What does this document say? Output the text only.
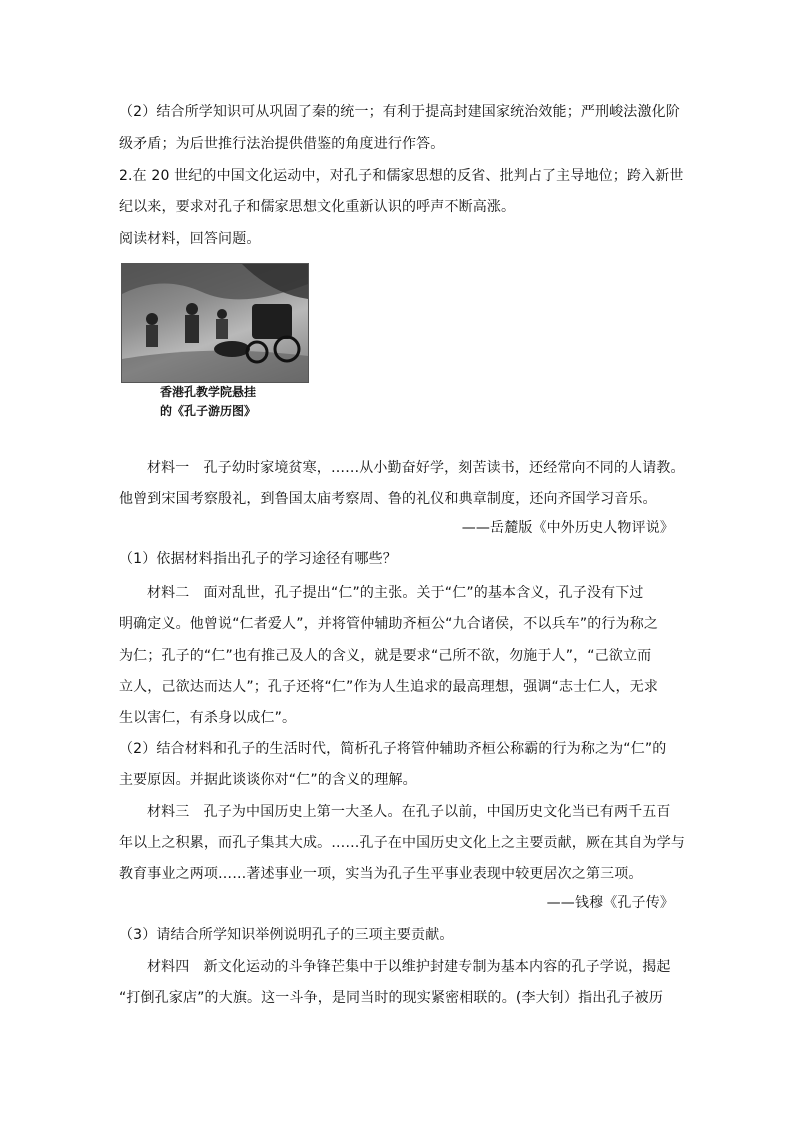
（2）结合所学知识可从巩固了秦的统一；有利于提高封建国家统治效能；严刑峻法激化阶
级矛盾；为后世推行法治提供借鉴的角度进行作答。
2.在 20 世纪的中国文化运动中，对孔子和儒家思想的反省、批判占了主导地位；跨入新世
纪以来，要求对孔子和儒家思想文化重新认识的呼声不断高涨。
阅读材料，回答问题。
香港孔教学院悬挂
的《孔子游历图》
材料一　孔子幼时家境贫寒，……从小勤奋好学，刻苦读书，还经常向不同的人请教。
他曾到宋国考察殷礼，到鲁国太庙考察周、鲁的礼仪和典章制度，还向齐国学习音乐。
——岳麓版《中外历史人物评说》
（1）依据材料指出孔子的学习途径有哪些？
材料二　面对乱世，孔子提出“仁”的主张。关于“仁”的基本含义，孔子没有下过
明确定义。他曾说“仁者爱人”，并将管仲辅助齐桓公“九合诸侯，不以兵车”的行为称之
为仁；孔子的“仁”也有推己及人的含义，就是要求“己所不欲，勿施于人”，“己欲立而
立人，己欲达而达人”；孔子还将“仁”作为人生追求的最高理想，强调“志士仁人，无求
生以害仁，有杀身以成仁”。
（2）结合材料和孔子的生活时代，简析孔子将管仲辅助齐桓公称霸的行为称之为“仁”的
主要原因。并据此谈谈你对“仁”的含义的理解。
材料三　孔子为中国历史上第一大圣人。在孔子以前，中国历史文化当已有两千五百
年以上之积累，而孔子集其大成。……孔子在中国历史文化上之主要贡献，厥在其自为学与
教育事业之两项……著述事业一项，实当为孔子生平事业表现中较更居次之第三项。
——钱穆《孔子传》
（3）请结合所学知识举例说明孔子的三项主要贡献。
材料四　新文化运动的斗争锋芒集中于以维护封建专制为基本内容的孔子学说，揭起
“打倒孔家店”的大旗。这一斗争，是同当时的现实紧密相联的。(李大钊）指出孔子被历
